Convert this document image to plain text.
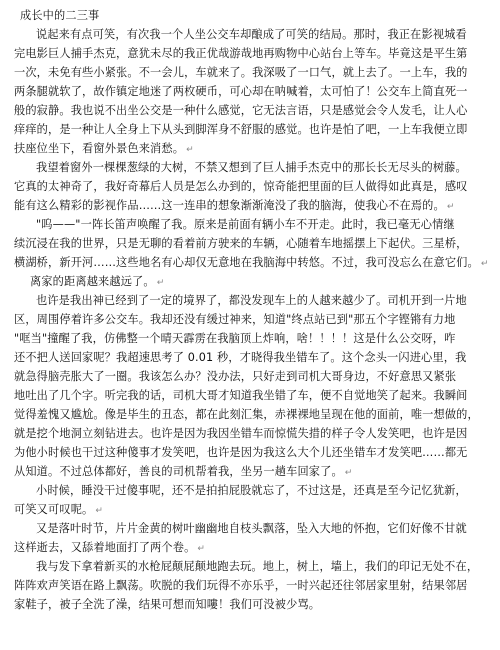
成长中的二三事
说起来有点可笑，有次我一个人坐公交车却酿成了可笑的结局。那时，我正在影视城看
完电影巨人捕手杰克，意犹未尽的我正优哉游哉地再购物中心站台上等车。毕竟这是平生第
一次，未免有些小紧张。不一会儿，车就来了。我深吸了一口气，就上去了。一上车，我的
两条腿就软了，故作镇定地迷了两枚硬币，可心却在呐喊着，太可怕了！公交车上简直死一
般的寂静。我也说不出坐公交是一种什么感觉，它无法言语，只是感觉会令人发毛，让人心
痒痒的，是一种让人全身上下从头到脚浑身不舒服的感觉。也许是怕了吧，一上车我便立即
扶座位坐下，看窗外景色来消愁。 ↵
我望着窗外一棵棵葱绿的大树，不禁又想到了巨人捕手杰克中的那长长无尽头的树藤。
它真的太神奇了，我好奇幕后人员是怎么办到的，惊奇能把里面的巨人做得如此真是，感叹
能有这么精彩的影视作品……这一连串的想象渐渐淹没了我的脑海，使我心不在焉的。 ↵
"呜——"一阵长笛声唤醒了我。原来是前面有辆小车不开走。此时，我已毫无心情继
续沉浸在我的世界，只是无聊的看着前方驶来的车辆，心随着车地摇摆上下起伏。三星桥，
横湖桥，新开河……这些地名有心却仅无意地在我脑海中转悠。不过，我可没忘么在意它们。 ↵
离家的距离越来越远了。 ↵
也许是我出神已经到了一定的境界了，都没发现车上的人越来越少了。司机开到一片地
区，周围停着许多公交车。我却还没有缓过神来，知道"终点站已到"那五个字铿锵有力地
"哐当"撞醒了我，仿佛整一个晴天霹雳在我脑顶上炸响，啥！！！！这是什么公交呀，咋
还不把人送回家呢？我超速思考了 0.01 秒，才晓得我坐错车了。这个念头一闪进心里，我
就急得脑壳胀大了一圈。我该怎么办？没办法，只好走到司机大哥身边，不好意思又紧张
地吐出了几个字。听完我的话，司机大哥才知道我坐错了车，便不自觉地笑了起来。我瞬间
觉得羞愧又尴尬。像是毕生的丑态，都在此刻汇集，赤裸裸地呈现在他的面前，唯一想做的，
就是挖个地洞立刻钻进去。也许是因为我因坐错车而惊慌失措的样子令人发笑吧，也许是因
为他小时候也干过这种傻事才发笑吧，也许是因为我这么大个儿还坐错车才发笑吧……都无
从知道。不过总体都好，善良的司机帮着我，坐另一趟车回家了。 ↵
小时候，睡没干过傻事呢，还不是拍拍屁股就忘了，不过这是，还真是至今记忆犹新，
可笑又可叹呢。 ↵
又是落叶时节，片片金黄的树叶幽幽地自枝头飘落，坠入大地的怀抱，它们好像不甘就
这样逝去，又舔着地面打了两个卷。 ↵
我与发下拿着新买的水枪屁颠屁颠地跑去玩。地上，树上，墙上，我们的印记无处不在，
阵阵欢声笑语在路上飘荡。吹脱的我们玩得不亦乐乎，一时兴起还往邻居家里射，结果邻居
家鞋子，被子全洗了澡，结果可想而知嘍！我们可没被少骂。
